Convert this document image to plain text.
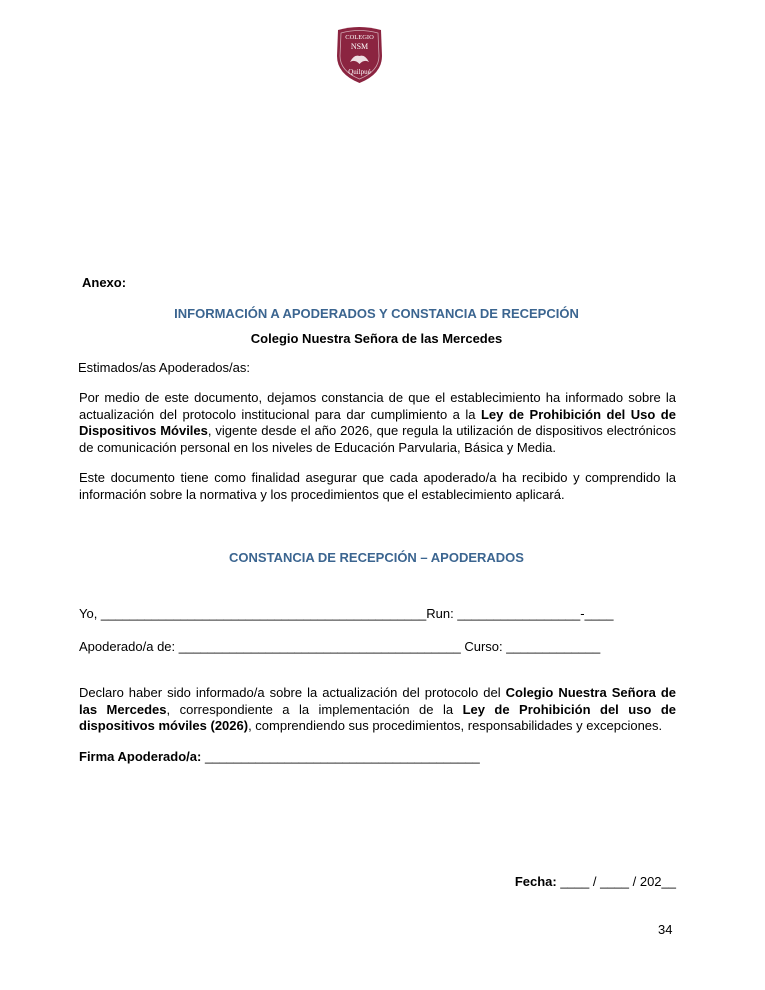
COLEGIO
NSM
Quilpué
Anexo:
INFORMACIÓN A APODERADOS Y CONSTANCIA DE RECEPCIÓN
Colegio Nuestra Señora de las Mercedes
Estimados/as Apoderados/as:
Por medio de este documento, dejamos constancia de que el establecimiento ha informado sobre la actualización del protocolo institucional para dar cumplimiento a la Ley de Prohibición del Uso de Dispositivos Móviles, vigente desde el año 2026, que regula la utilización de dispositivos electrónicos de comunicación personal en los niveles de Educación Parvularia, Básica y Media.
Este documento tiene como finalidad asegurar que cada apoderado/a ha recibido y comprendido la información sobre la normativa y los procedimientos que el establecimiento aplicará.
CONSTANCIA DE RECEPCIÓN – APODERADOS
Yo, _____________________________________________Run: _________________-____
Apoderado/a de: _______________________________________ Curso: _____________
Declaro haber sido informado/a sobre la actualización del protocolo del Colegio Nuestra Señora de las Mercedes, correspondiente a la implementación de la Ley de Prohibición del uso de dispositivos móviles (2026), comprendiendo sus procedimientos, responsabilidades y excepciones.
Firma Apoderado/a: ______________________________________
Fecha: ____ / ____ / 202__
34
